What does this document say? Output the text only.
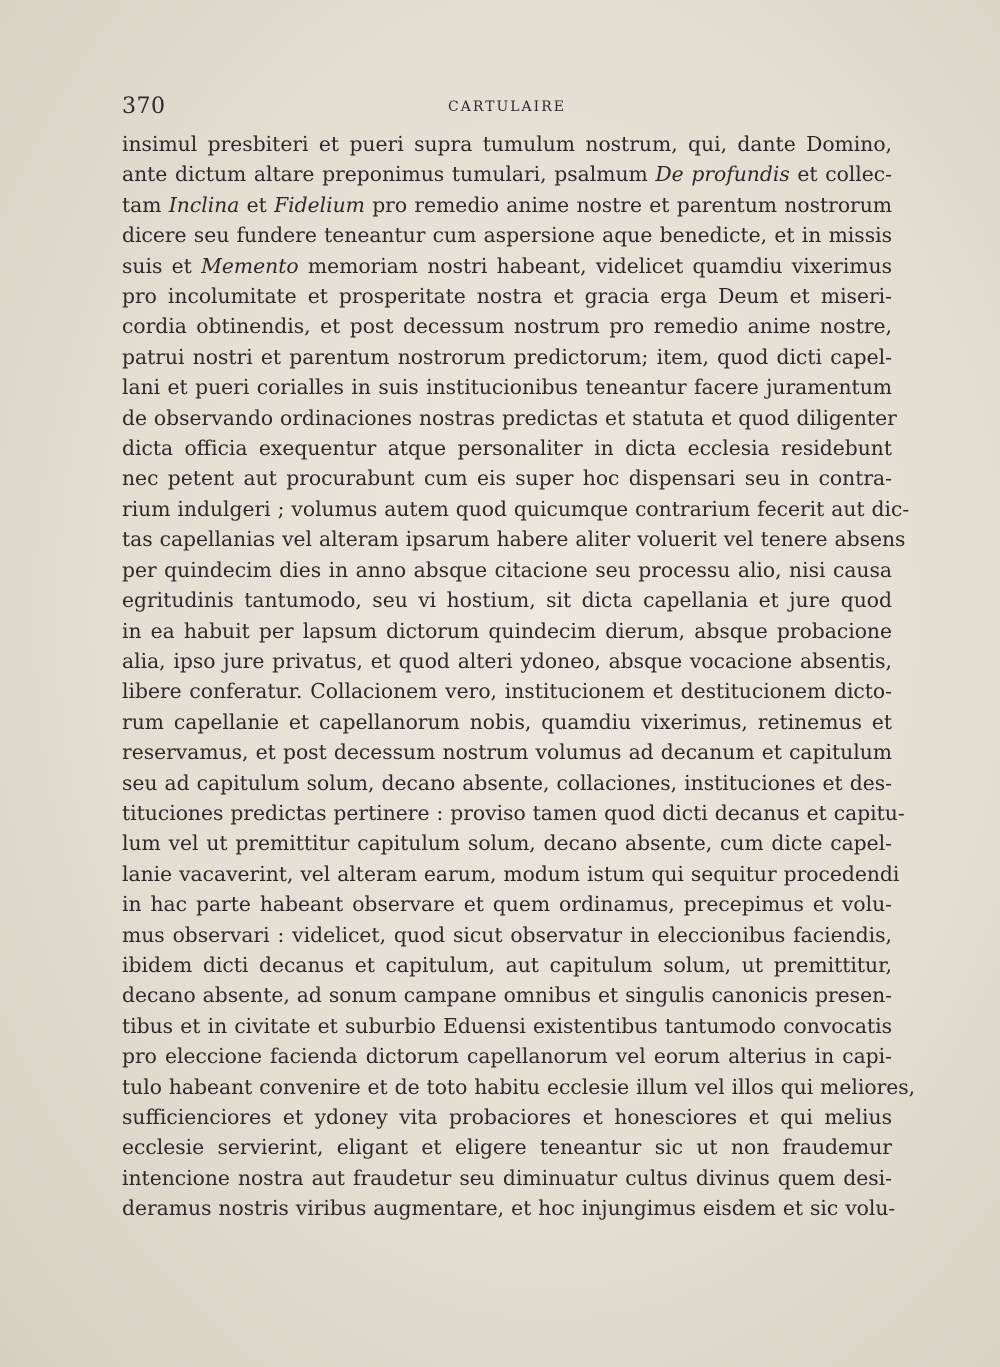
370	CARTULAIRE
insimul presbiteri et pueri supra tumulum nostrum, qui, dante Domino,
ante dictum altare preponimus tumulari, psalmum De profundis et collec-
tam Inclina et Fidelium pro remedio anime nostre et parentum nostrorum
dicere seu fundere teneantur cum aspersione aque benedicte, et in missis
suis et Memento memoriam nostri habeant, videlicet quamdiu vixerimus
pro incolumitate et prosperitate nostra et gracia erga Deum et miseri-
cordia obtinendis, et post decessum nostrum pro remedio anime nostre,
patrui nostri et parentum nostrorum predictorum; item, quod dicti capel-
lani et pueri corialles in suis institucionibus teneantur facere juramentum
de observando ordinaciones nostras predictas et statuta et quod diligenter
dicta officia exequentur atque personaliter in dicta ecclesia residebunt
nec petent aut procurabunt cum eis super hoc dispensari seu in contra-
rium indulgeri ; volumus autem quod quicumque contrarium fecerit aut dic-
tas capellanias vel alteram ipsarum habere aliter voluerit vel tenere absens
per quindecim dies in anno absque citacione seu processu alio, nisi causa
egritudinis tantumodo, seu vi hostium, sit dicta capellania et jure quod
in ea habuit per lapsum dictorum quindecim dierum, absque probacione
alia, ipso jure privatus, et quod alteri ydoneo, absque vocacione absentis,
libere conferatur. Collacionem vero, institucionem et destitucionem dicto-
rum capellanie et capellanorum nobis, quamdiu vixerimus, retinemus et
reservamus, et post decessum nostrum volumus ad decanum et capitulum
seu ad capitulum solum, decano absente, collaciones, instituciones et des-
tituciones predictas pertinere : proviso tamen quod dicti decanus et capitu-
lum vel ut premittitur capitulum solum, decano absente, cum dicte capel-
lanie vacaverint, vel alteram earum, modum istum qui sequitur procedendi
in hac parte habeant observare et quem ordinamus, precepimus et volu-
mus observari : videlicet, quod sicut observatur in eleccionibus faciendis,
ibidem dicti decanus et capitulum, aut capitulum solum, ut premittitur,
decano absente, ad sonum campane omnibus et singulis canonicis presen-
tibus et in civitate et suburbio Eduensi existentibus tantumodo convocatis
pro eleccione facienda dictorum capellanorum vel eorum alterius in capi-
tulo habeant convenire et de toto habitu ecclesie illum vel illos qui meliores,
sufficienciores et ydoney vita probaciores et honesciores et qui melius
ecclesie servierint, eligant et eligere teneantur sic ut non fraudemur
intencione nostra aut fraudetur seu diminuatur cultus divinus quem desi-
deramus nostris viribus augmentare, et hoc injungimus eisdem et sic volu-
